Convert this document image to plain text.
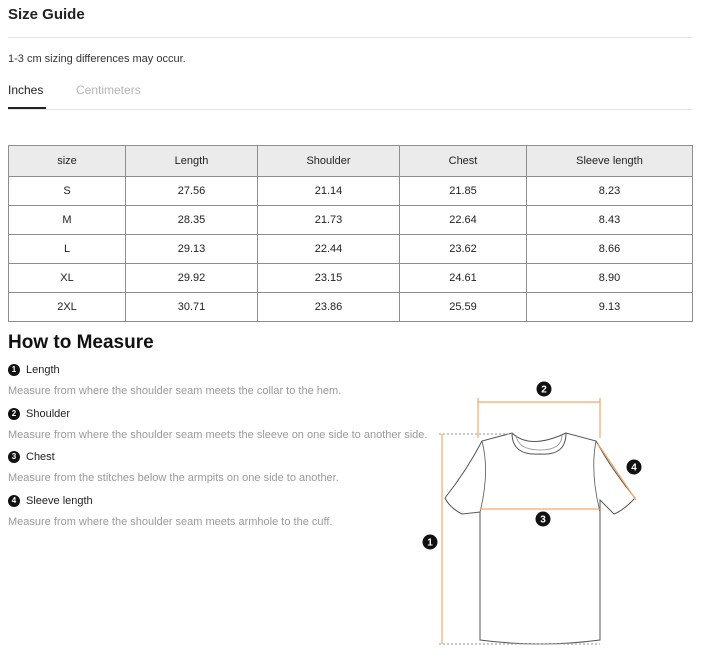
Size Guide
1-3 cm sizing differences may occur.
Inches	Centimeters
size	Length	Shoulder	Chest	Sleeve length
S	27.56	21.14	21.85	8.23
M	28.35	21.73	22.64	8.43
L	29.13	22.44	23.62	8.66
XL	29.92	23.15	24.61	8.90
2XL	30.71	23.86	25.59	9.13
How to Measure
1 Length
Measure from where the shoulder seam meets the collar to the hem.
2 Shoulder
Measure from where the shoulder seam meets the sleeve on one side to another side.
3 Chest
Measure from the stitches below the armpits on one side to another.
4 Sleeve length
Measure from where the shoulder seam meets armhole to the cuff.
1
2
3
4
